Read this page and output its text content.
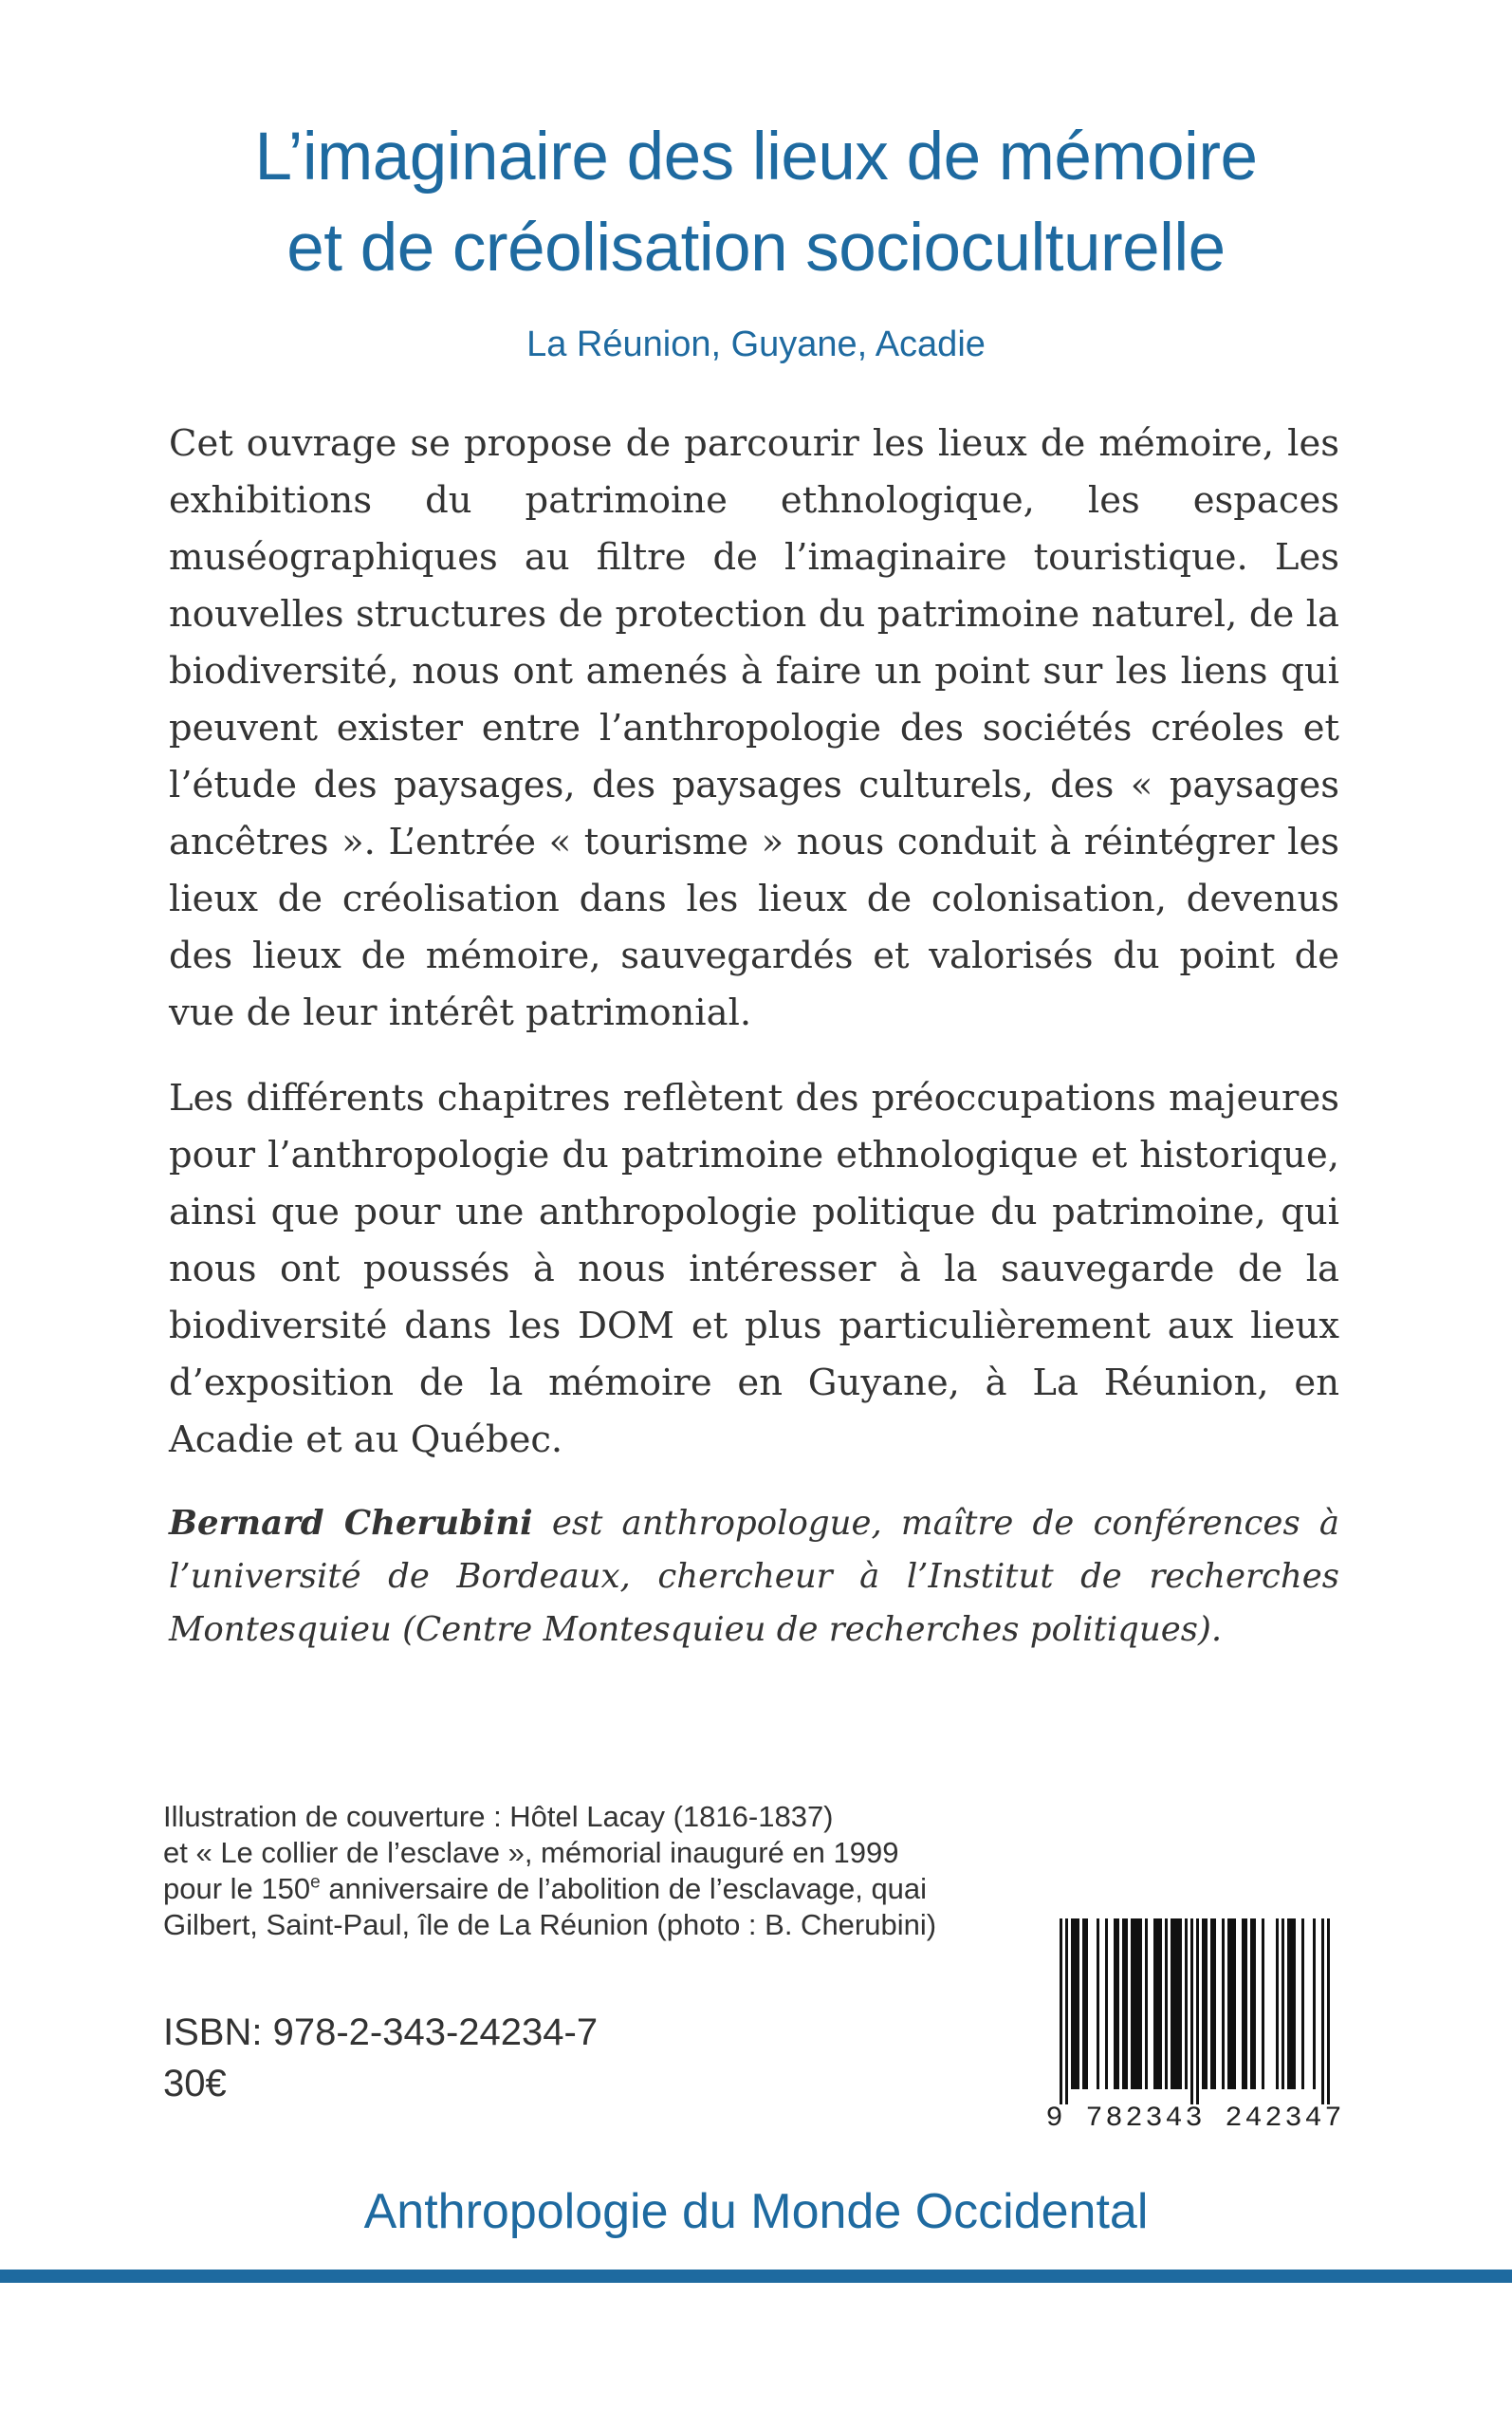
L’imaginaire des lieux de mémoire
et de créolisation socioculturelle
La Réunion, Guyane, Acadie

Cet ouvrage se propose de parcourir les lieux de mémoire, les exhibitions du patrimoine ethnologique, les espaces muséographiques au filtre de l’imaginaire touristique. Les nouvelles structures de protection du patrimoine naturel, de la biodiversité, nous ont amenés à faire un point sur les liens qui peuvent exister entre l’anthropologie des sociétés créoles et l’étude des paysages, des paysages culturels, des « paysages ancêtres ». L’entrée « tourisme » nous conduit à réintégrer les lieux de créolisation dans les lieux de colonisation, devenus des lieux de mémoire, sauvegardés et valorisés du point de vue de leur intérêt patrimonial.

Les différents chapitres reflètent des préoccupations majeures pour l’anthropologie du patrimoine ethnologique et historique, ainsi que pour une anthropologie politique du patrimoine, qui nous ont poussés à nous intéresser à la sauvegarde de la biodiversité dans les DOM et plus particulièrement aux lieux d’exposition de la mémoire en Guyane, à La Réunion, en Acadie et au Québec.

Bernard Cherubini est anthropologue, maître de conférences à l’université de Bordeaux, chercheur à l’Institut de recherches Montesquieu (Centre Montesquieu de recherches politiques).
Illustration de couverture : Hôtel Lacay (1816-1837)
et « Le collier de l’esclave », mémorial inauguré en 1999
pour le 150e anniversaire de l’abolition de l’esclavage, quai
Gilbert, Saint-Paul, île de La Réunion (photo : B. Cherubini)
ISBN: 978-2-343-24234-7
30€
9 782343 242347
Anthropologie du Monde Occidental
